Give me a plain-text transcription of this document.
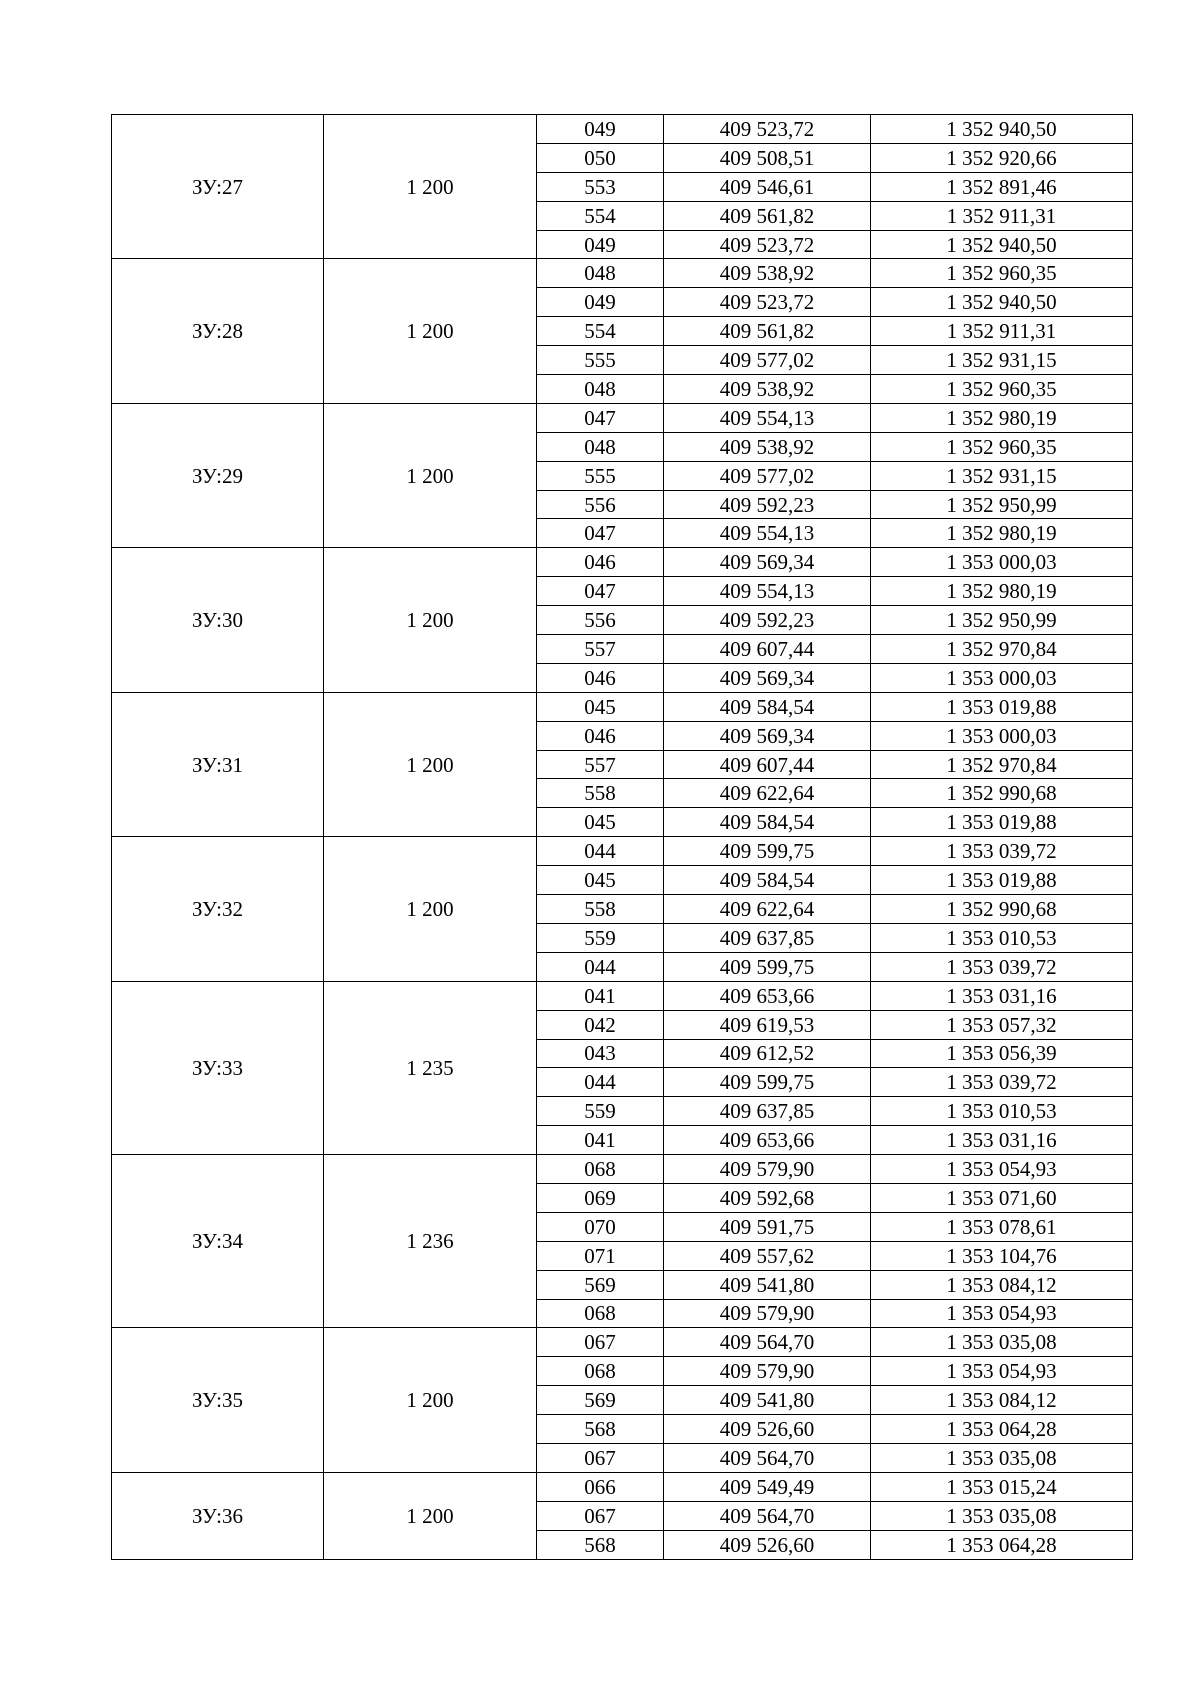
ЗУ:27	1 200	049	409 523,72	1 352 940,50
		050	409 508,51	1 352 920,66
		553	409 546,61	1 352 891,46
		554	409 561,82	1 352 911,31
		049	409 523,72	1 352 940,50
ЗУ:28	1 200	048	409 538,92	1 352 960,35
		049	409 523,72	1 352 940,50
		554	409 561,82	1 352 911,31
		555	409 577,02	1 352 931,15
		048	409 538,92	1 352 960,35
ЗУ:29	1 200	047	409 554,13	1 352 980,19
		048	409 538,92	1 352 960,35
		555	409 577,02	1 352 931,15
		556	409 592,23	1 352 950,99
		047	409 554,13	1 352 980,19
ЗУ:30	1 200	046	409 569,34	1 353 000,03
		047	409 554,13	1 352 980,19
		556	409 592,23	1 352 950,99
		557	409 607,44	1 352 970,84
		046	409 569,34	1 353 000,03
ЗУ:31	1 200	045	409 584,54	1 353 019,88
		046	409 569,34	1 353 000,03
		557	409 607,44	1 352 970,84
		558	409 622,64	1 352 990,68
		045	409 584,54	1 353 019,88
ЗУ:32	1 200	044	409 599,75	1 353 039,72
		045	409 584,54	1 353 019,88
		558	409 622,64	1 352 990,68
		559	409 637,85	1 353 010,53
		044	409 599,75	1 353 039,72
ЗУ:33	1 235	041	409 653,66	1 353 031,16
		042	409 619,53	1 353 057,32
		043	409 612,52	1 353 056,39
		044	409 599,75	1 353 039,72
		559	409 637,85	1 353 010,53
		041	409 653,66	1 353 031,16
ЗУ:34	1 236	068	409 579,90	1 353 054,93
		069	409 592,68	1 353 071,60
		070	409 591,75	1 353 078,61
		071	409 557,62	1 353 104,76
		569	409 541,80	1 353 084,12
		068	409 579,90	1 353 054,93
ЗУ:35	1 200	067	409 564,70	1 353 035,08
		068	409 579,90	1 353 054,93
		569	409 541,80	1 353 084,12
		568	409 526,60	1 353 064,28
		067	409 564,70	1 353 035,08
ЗУ:36	1 200	066	409 549,49	1 353 015,24
		067	409 564,70	1 353 035,08
		568	409 526,60	1 353 064,28
